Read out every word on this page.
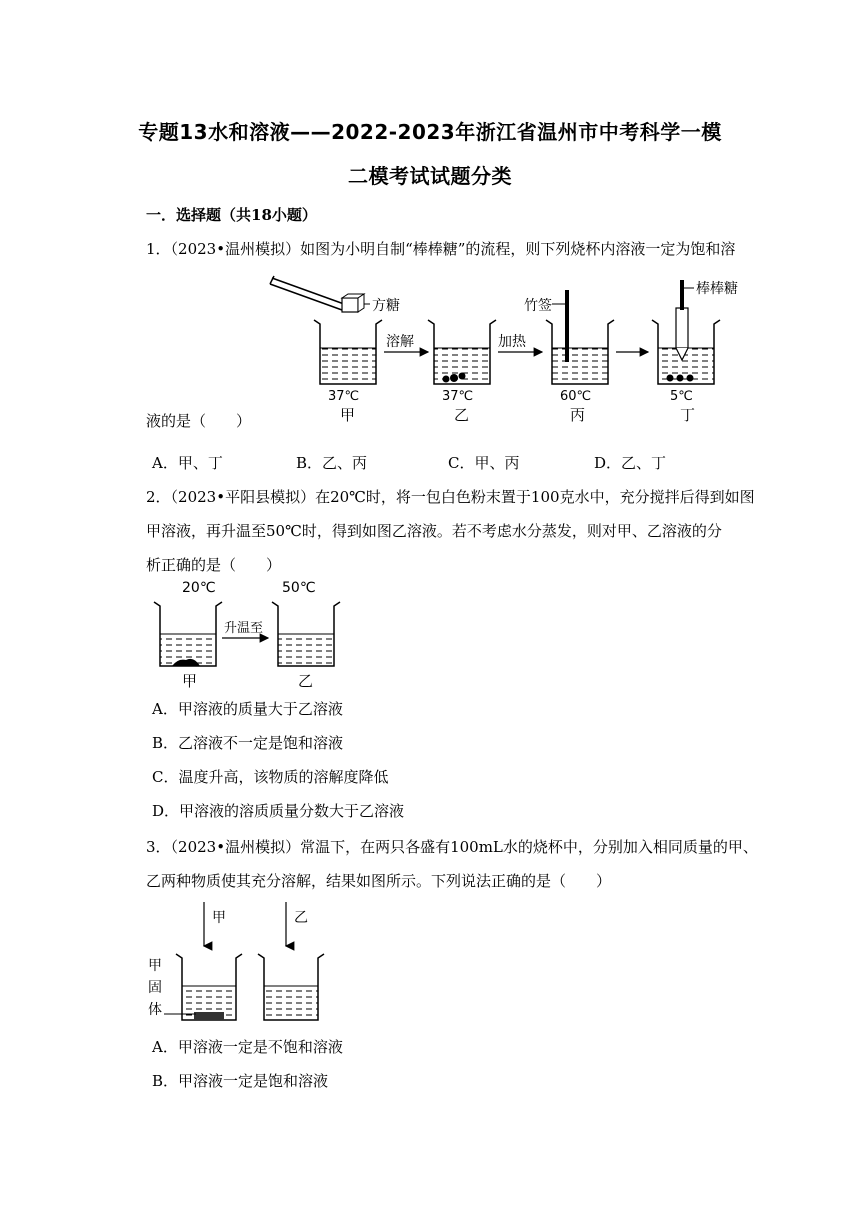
专题13水和溶液——2022-2023年浙江省温州市中考科学一模
二模考试试题分类
一．选择题（共18小题）
1．（2023•温州模拟）如图为小明自制“棒棒糖”的流程，则下列烧杯内溶液一定为饱和溶
方糖
37℃
甲
溶解
37℃
乙
加热
竹签
60℃
丙
棒棒糖
5℃
丁
液的是（　　）
A．甲、丁	B．乙、丙	C．甲、丙	D．乙、丁
2．（2023•平阳县模拟）在20℃时，将一包白色粉末置于100克水中，充分搅拌后得到如图
甲溶液，再升温至50℃时，得到如图乙溶液。若不考虑水分蒸发，则对甲、乙溶液的分
析正确的是（　　）
20℃	50℃
升温至
甲	乙
A．甲溶液的质量大于乙溶液
B．乙溶液不一定是饱和溶液
C．温度升高，该物质的溶解度降低
D．甲溶液的溶质质量分数大于乙溶液
3．（2023•温州模拟）常温下，在两只各盛有100mL水的烧杯中，分别加入相同质量的甲、
乙两种物质使其充分溶解，结果如图所示。下列说法正确的是（　　）
甲	乙
甲
固
体
A．甲溶液一定是不饱和溶液
B．甲溶液一定是饱和溶液
